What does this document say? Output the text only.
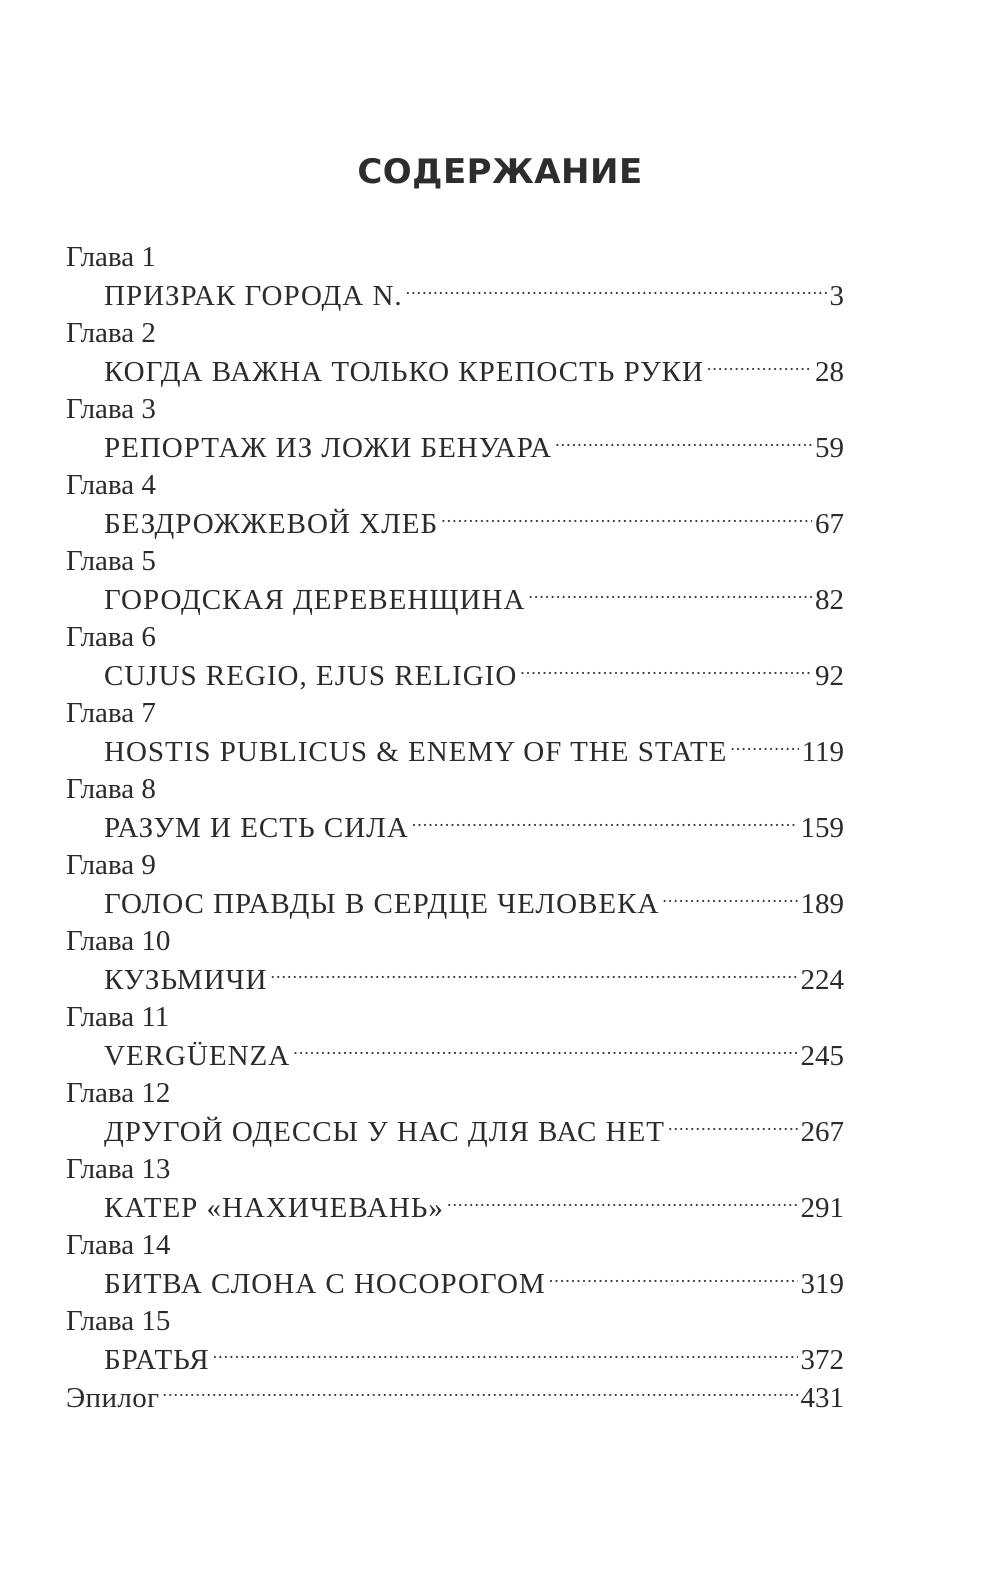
СОДЕРЖАНИЕ
Глава 1
ПРИЗРАК ГОРОДА N. .....	3
Глава 2
КОГДА ВАЖНА ТОЛЬКО КРЕПОСТЬ РУКИ .....	28
Глава 3
РЕПОРТАЖ ИЗ ЛОЖИ БЕНУАРА .....	59
Глава 4
БЕЗДРОЖЖЕВОЙ ХЛЕБ .....	67
Глава 5
ГОРОДСКАЯ ДЕРЕВЕНЩИНА .....	82
Глава 6
CUJUS REGIO, EJUS RELIGIO .....	92
Глава 7
HOSTIS PUBLICUS & ENEMY OF THE STATE .....	119
Глава 8
РАЗУМ И ЕСТЬ СИЛА .....	159
Глава 9
ГОЛОС ПРАВДЫ В СЕРДЦЕ ЧЕЛОВЕКА .....	189
Глава 10
КУЗЬМИЧИ .....	224
Глава 11
VERGÜENZA .....	245
Глава 12
ДРУГОЙ ОДЕССЫ У НАС ДЛЯ ВАС НЕТ .....	267
Глава 13
КАТЕР «НАХИЧЕВАНЬ» .....	291
Глава 14
БИТВА СЛОНА С НОСОРОГОМ .....	319
Глава 15
БРАТЬЯ .....	372
Эпилог .....	431
